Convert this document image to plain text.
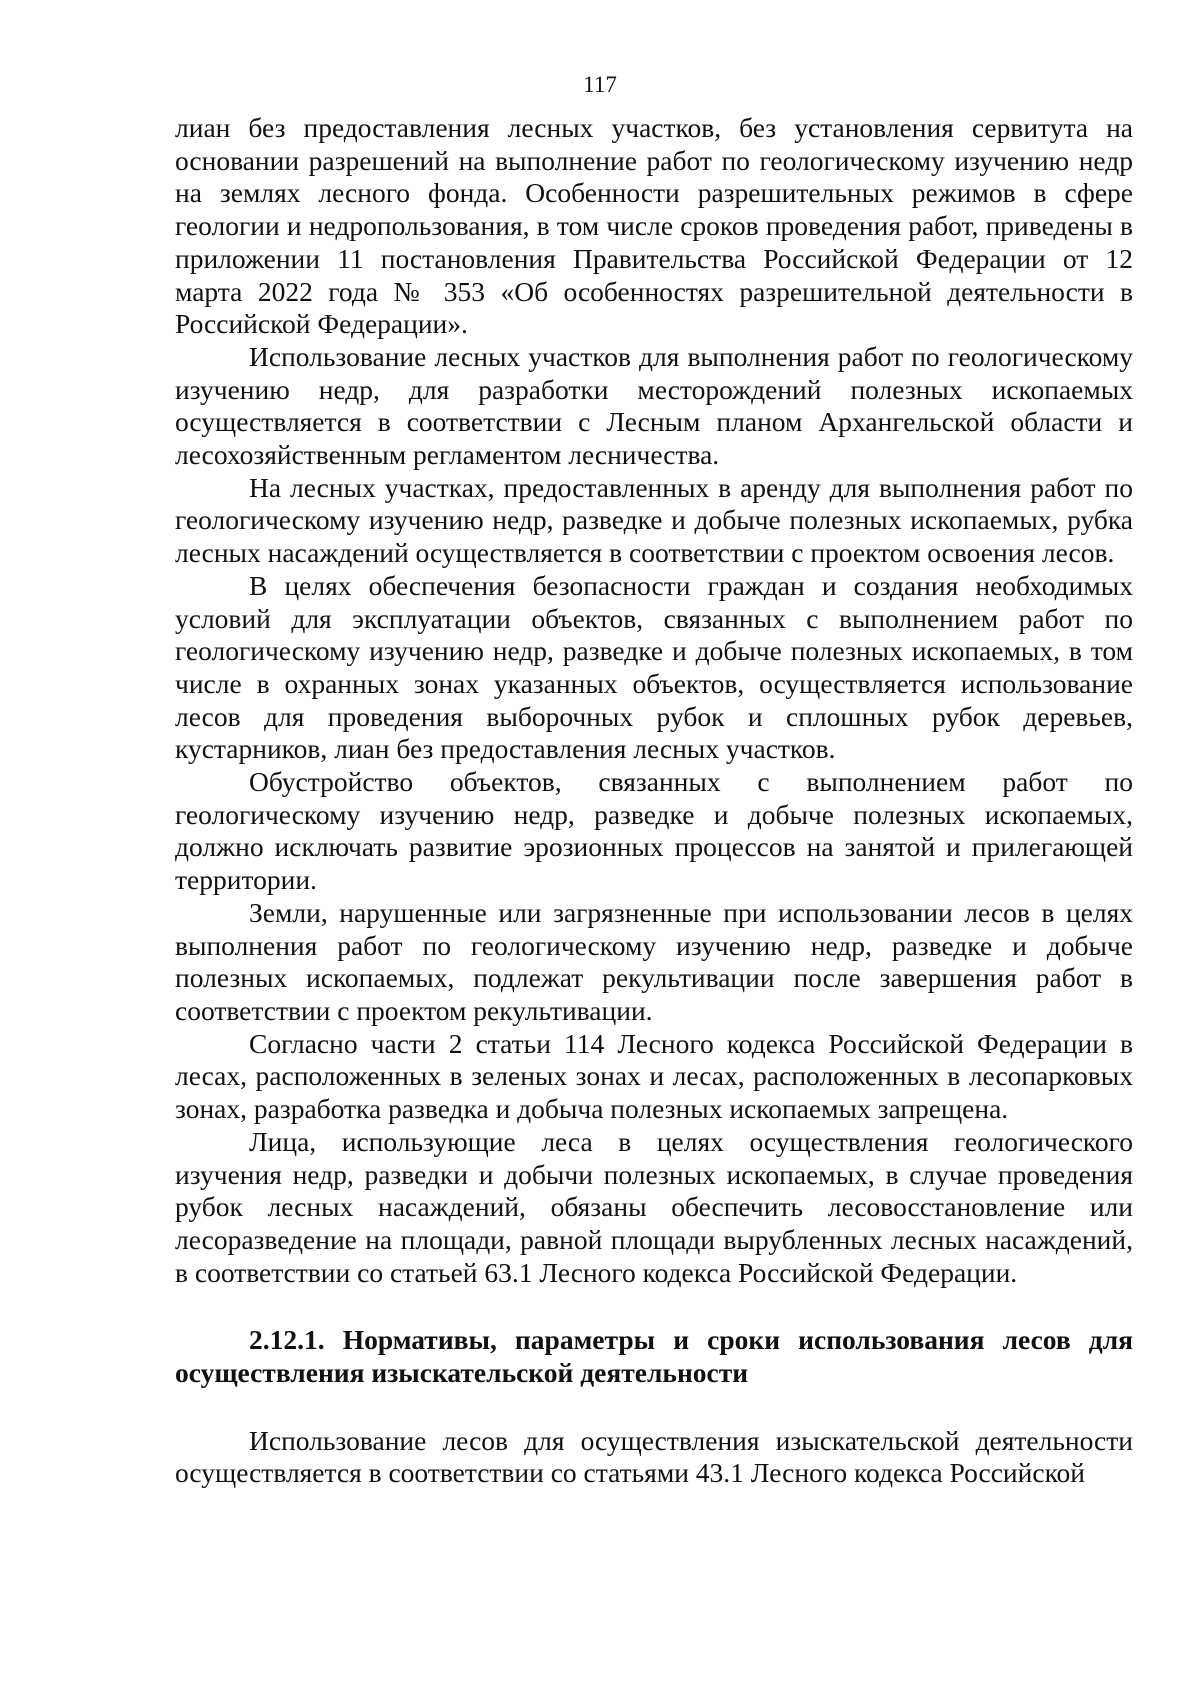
117

лиан без предоставления лесных участков, без установления сервитута на основании разрешений на выполнение работ по геологическому изучению недр на землях лесного фонда. Особенности разрешительных режимов в сфере геологии и недропользования, в том числе сроков проведения работ, приведены в приложении 11 постановления Правительства Российской Федерации от 12 марта 2022 года № 353 «Об особенностях разрешительной деятельности в Российской Федерации».

Использование лесных участков для выполнения работ по геологическому изучению недр, для разработки месторождений полезных ископаемых осуществляется в соответствии с Лесным планом Архангельской области и лесохозяйственным регламентом лесничества.

На лесных участках, предоставленных в аренду для выполнения работ по геологическому изучению недр, разведке и добыче полезных ископаемых, рубка лесных насаждений осуществляется в соответствии с проектом освоения лесов.

В целях обеспечения безопасности граждан и создания необходимых условий для эксплуатации объектов, связанных с выполнением работ по геологическому изучению недр, разведке и добыче полезных ископаемых, в том числе в охранных зонах указанных объектов, осуществляется использование лесов для проведения выборочных рубок и сплошных рубок деревьев, кустарников, лиан без предоставления лесных участков.

Обустройство объектов, связанных с выполнением работ по геологическому изучению недр, разведке и добыче полезных ископаемых, должно исключать развитие эрозионных процессов на занятой и прилегающей территории.

Земли, нарушенные или загрязненные при использовании лесов в целях выполнения работ по геологическому изучению недр, разведке и добыче полезных ископаемых, подлежат рекультивации после завершения работ в соответствии с проектом рекультивации.

Согласно части 2 статьи 114 Лесного кодекса Российской Федерации в лесах, расположенных в зеленых зонах и лесах, расположенных в лесопарковых зонах, разработка разведка и добыча полезных ископаемых запрещена.

Лица, использующие леса в целях осуществления геологического изучения недр, разведки и добычи полезных ископаемых, в случае проведения рубок лесных насаждений, обязаны обеспечить лесовосстановление или лесоразведение на площади, равной площади вырубленных лесных насаждений, в соответствии со статьей 63.1 Лесного кодекса Российской Федерации.

2.12.1. Нормативы, параметры и сроки использования лесов для осуществления изыскательской деятельности

Использование лесов для осуществления изыскательской деятельности осуществляется в соответствии со статьями 43.1 Лесного кодекса Российской
